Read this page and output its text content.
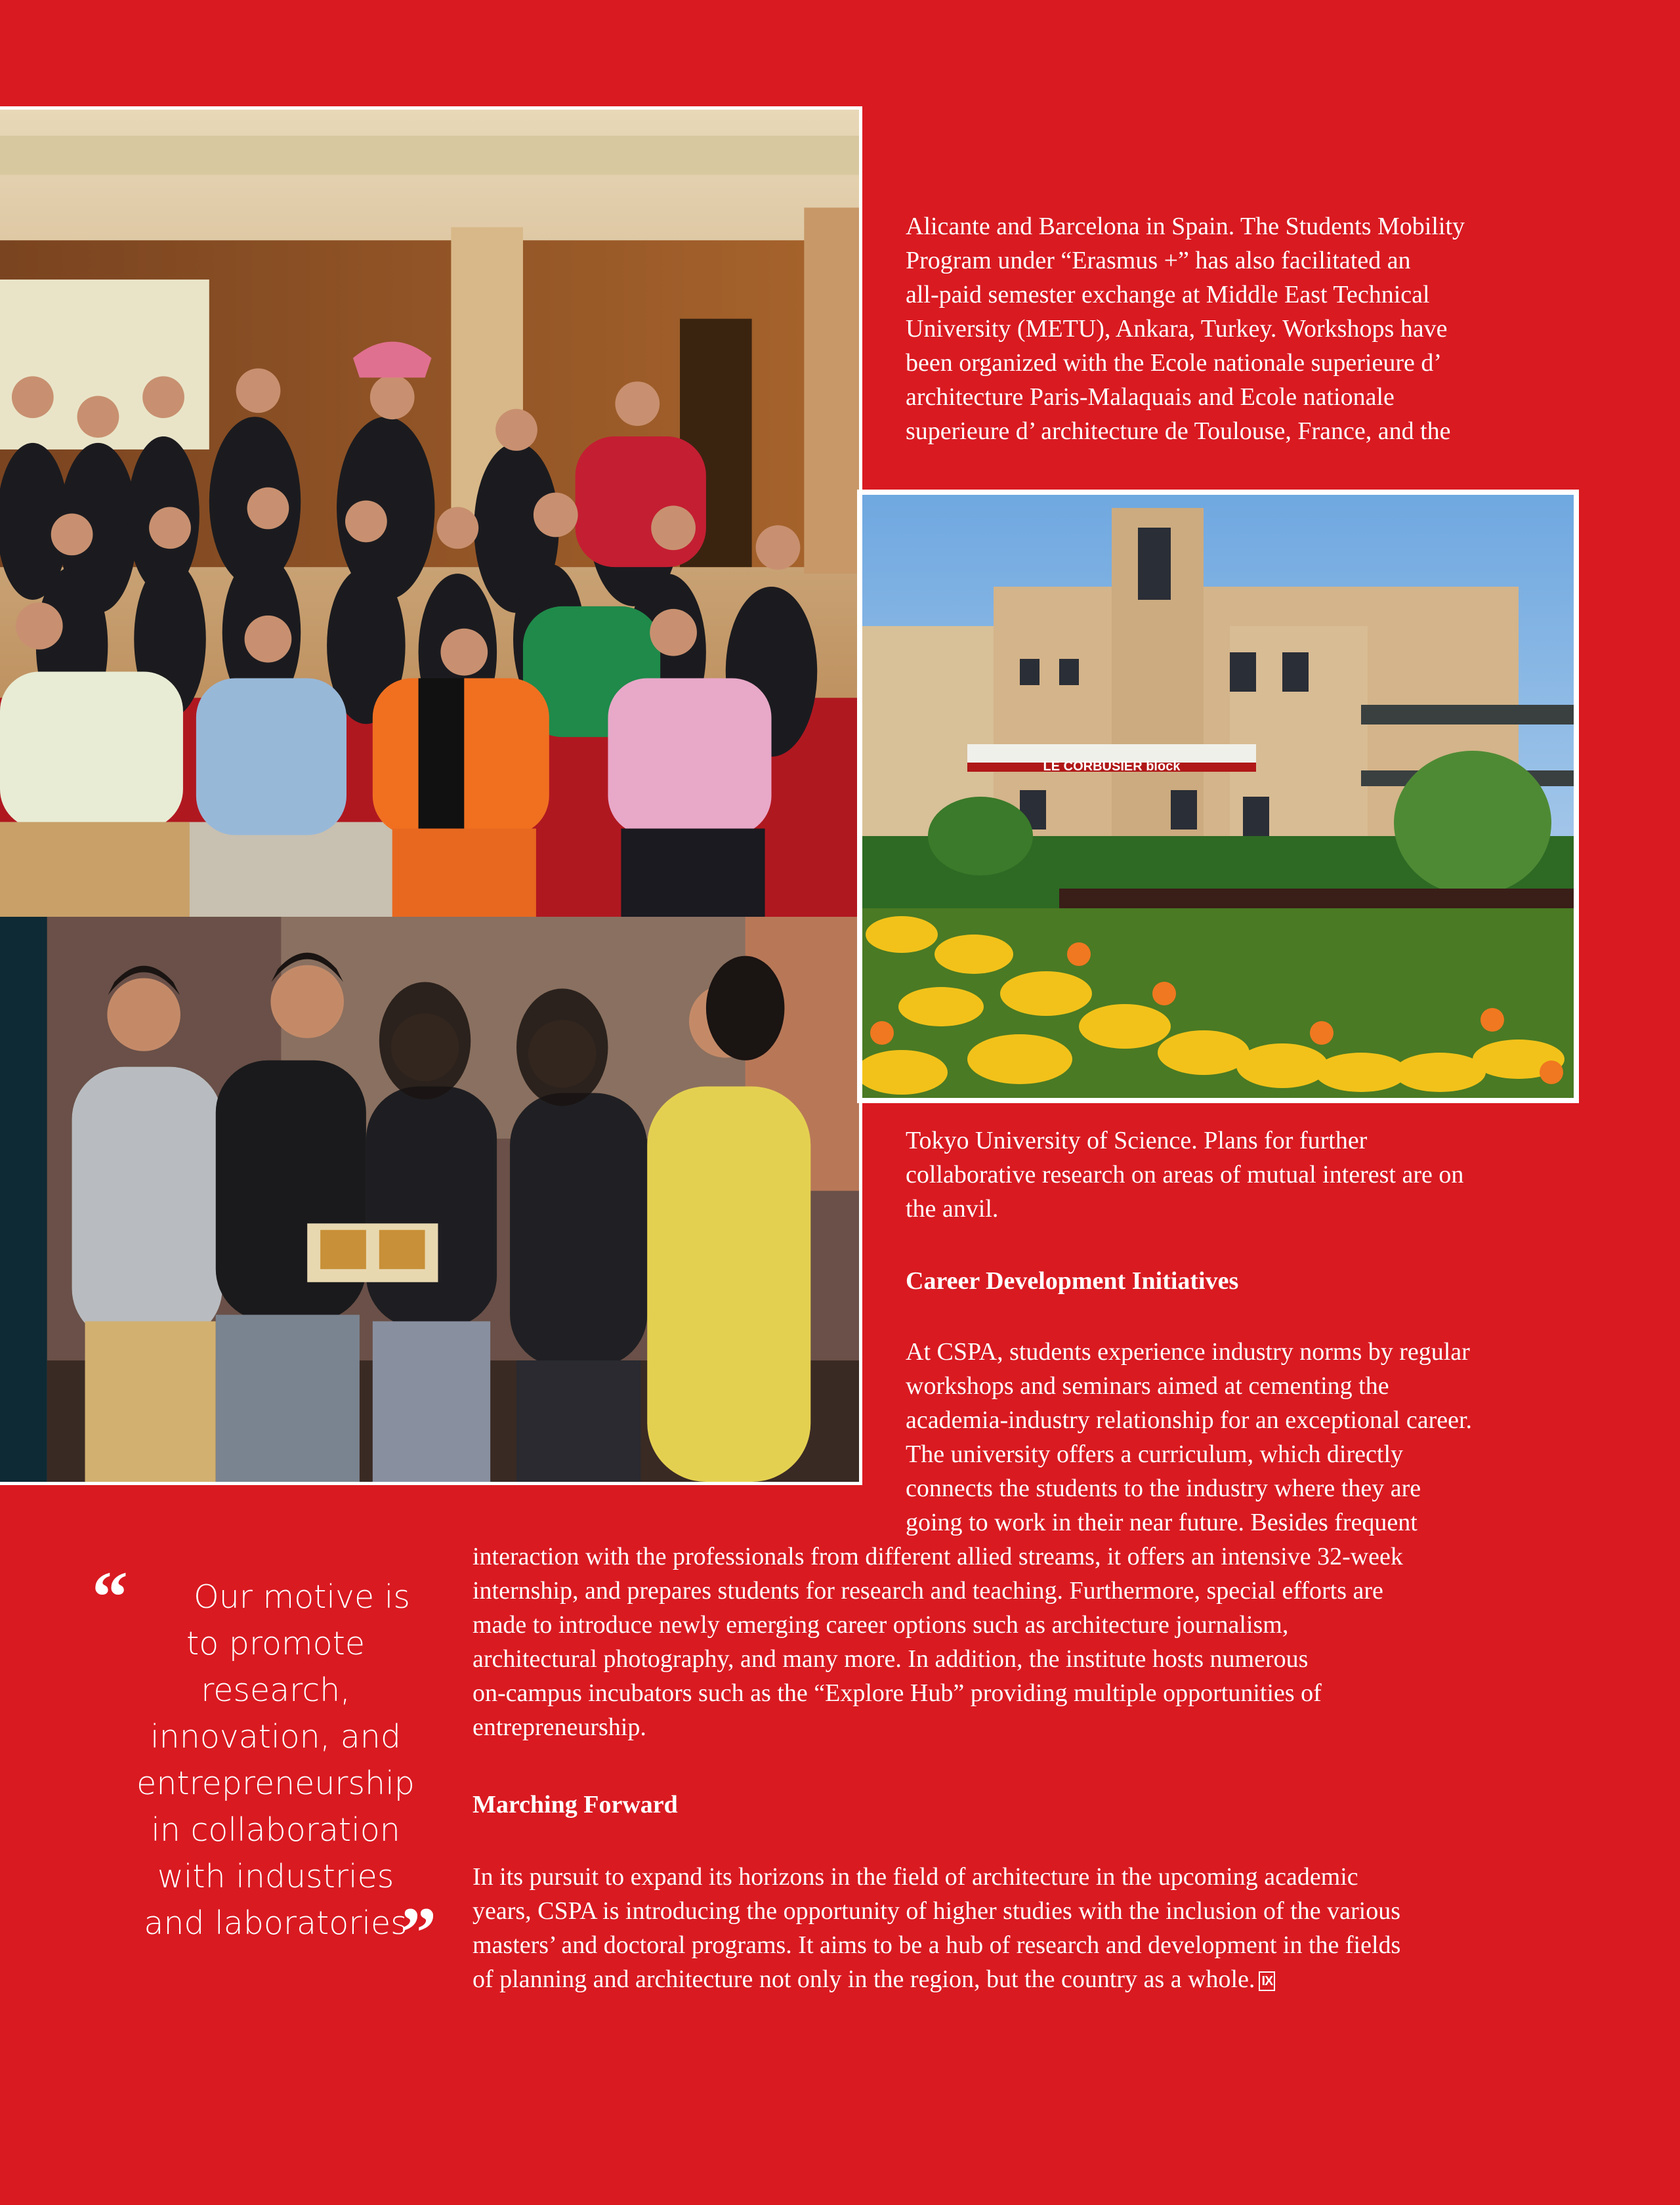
LE CORBUSIER block

Alicante and Barcelona in Spain. The Students Mobility

Program under “Erasmus +” has also facilitated an

all-paid semester exchange at Middle East Technical

University (METU), Ankara, Turkey. Workshops have

been organized with the Ecole nationale superieure d’

architecture Paris-Malaquais and Ecole nationale

superieure d’ architecture de Toulouse, France, and the

Tokyo University of Science. Plans for further

collaborative research on areas of mutual interest are on

the anvil.

Career Development Initiatives

At CSPA, students experience industry norms by regular

workshops and seminars aimed at cementing the

academia-industry relationship for an exceptional career.

The university offers a curriculum, which directly

connects the students to the industry where they are

going to work in their near future. Besides frequent

interaction with the professionals from different allied streams, it offers an intensive 32-week

internship, and prepares students for research and teaching. Furthermore, special efforts are

made to introduce newly emerging career options such as architecture journalism,

architectural photography, and many more. In addition, the institute hosts numerous

on-campus incubators such as the “Explore Hub” providing multiple opportunities of

entrepreneurship.

Marching Forward

In its pursuit to expand its horizons in the field of architecture in the upcoming academic

years, CSPA is introducing the opportunity of higher studies with the inclusion of the various

masters’ and doctoral programs. It aims to be a hub of research and development in the fields

of planning and architecture not only in the region, but the country as a whole. IX

“	Our motive is
to promote
research,
innovation, and
entrepreneurship
in collaboration
with industries
and laboratories
”
